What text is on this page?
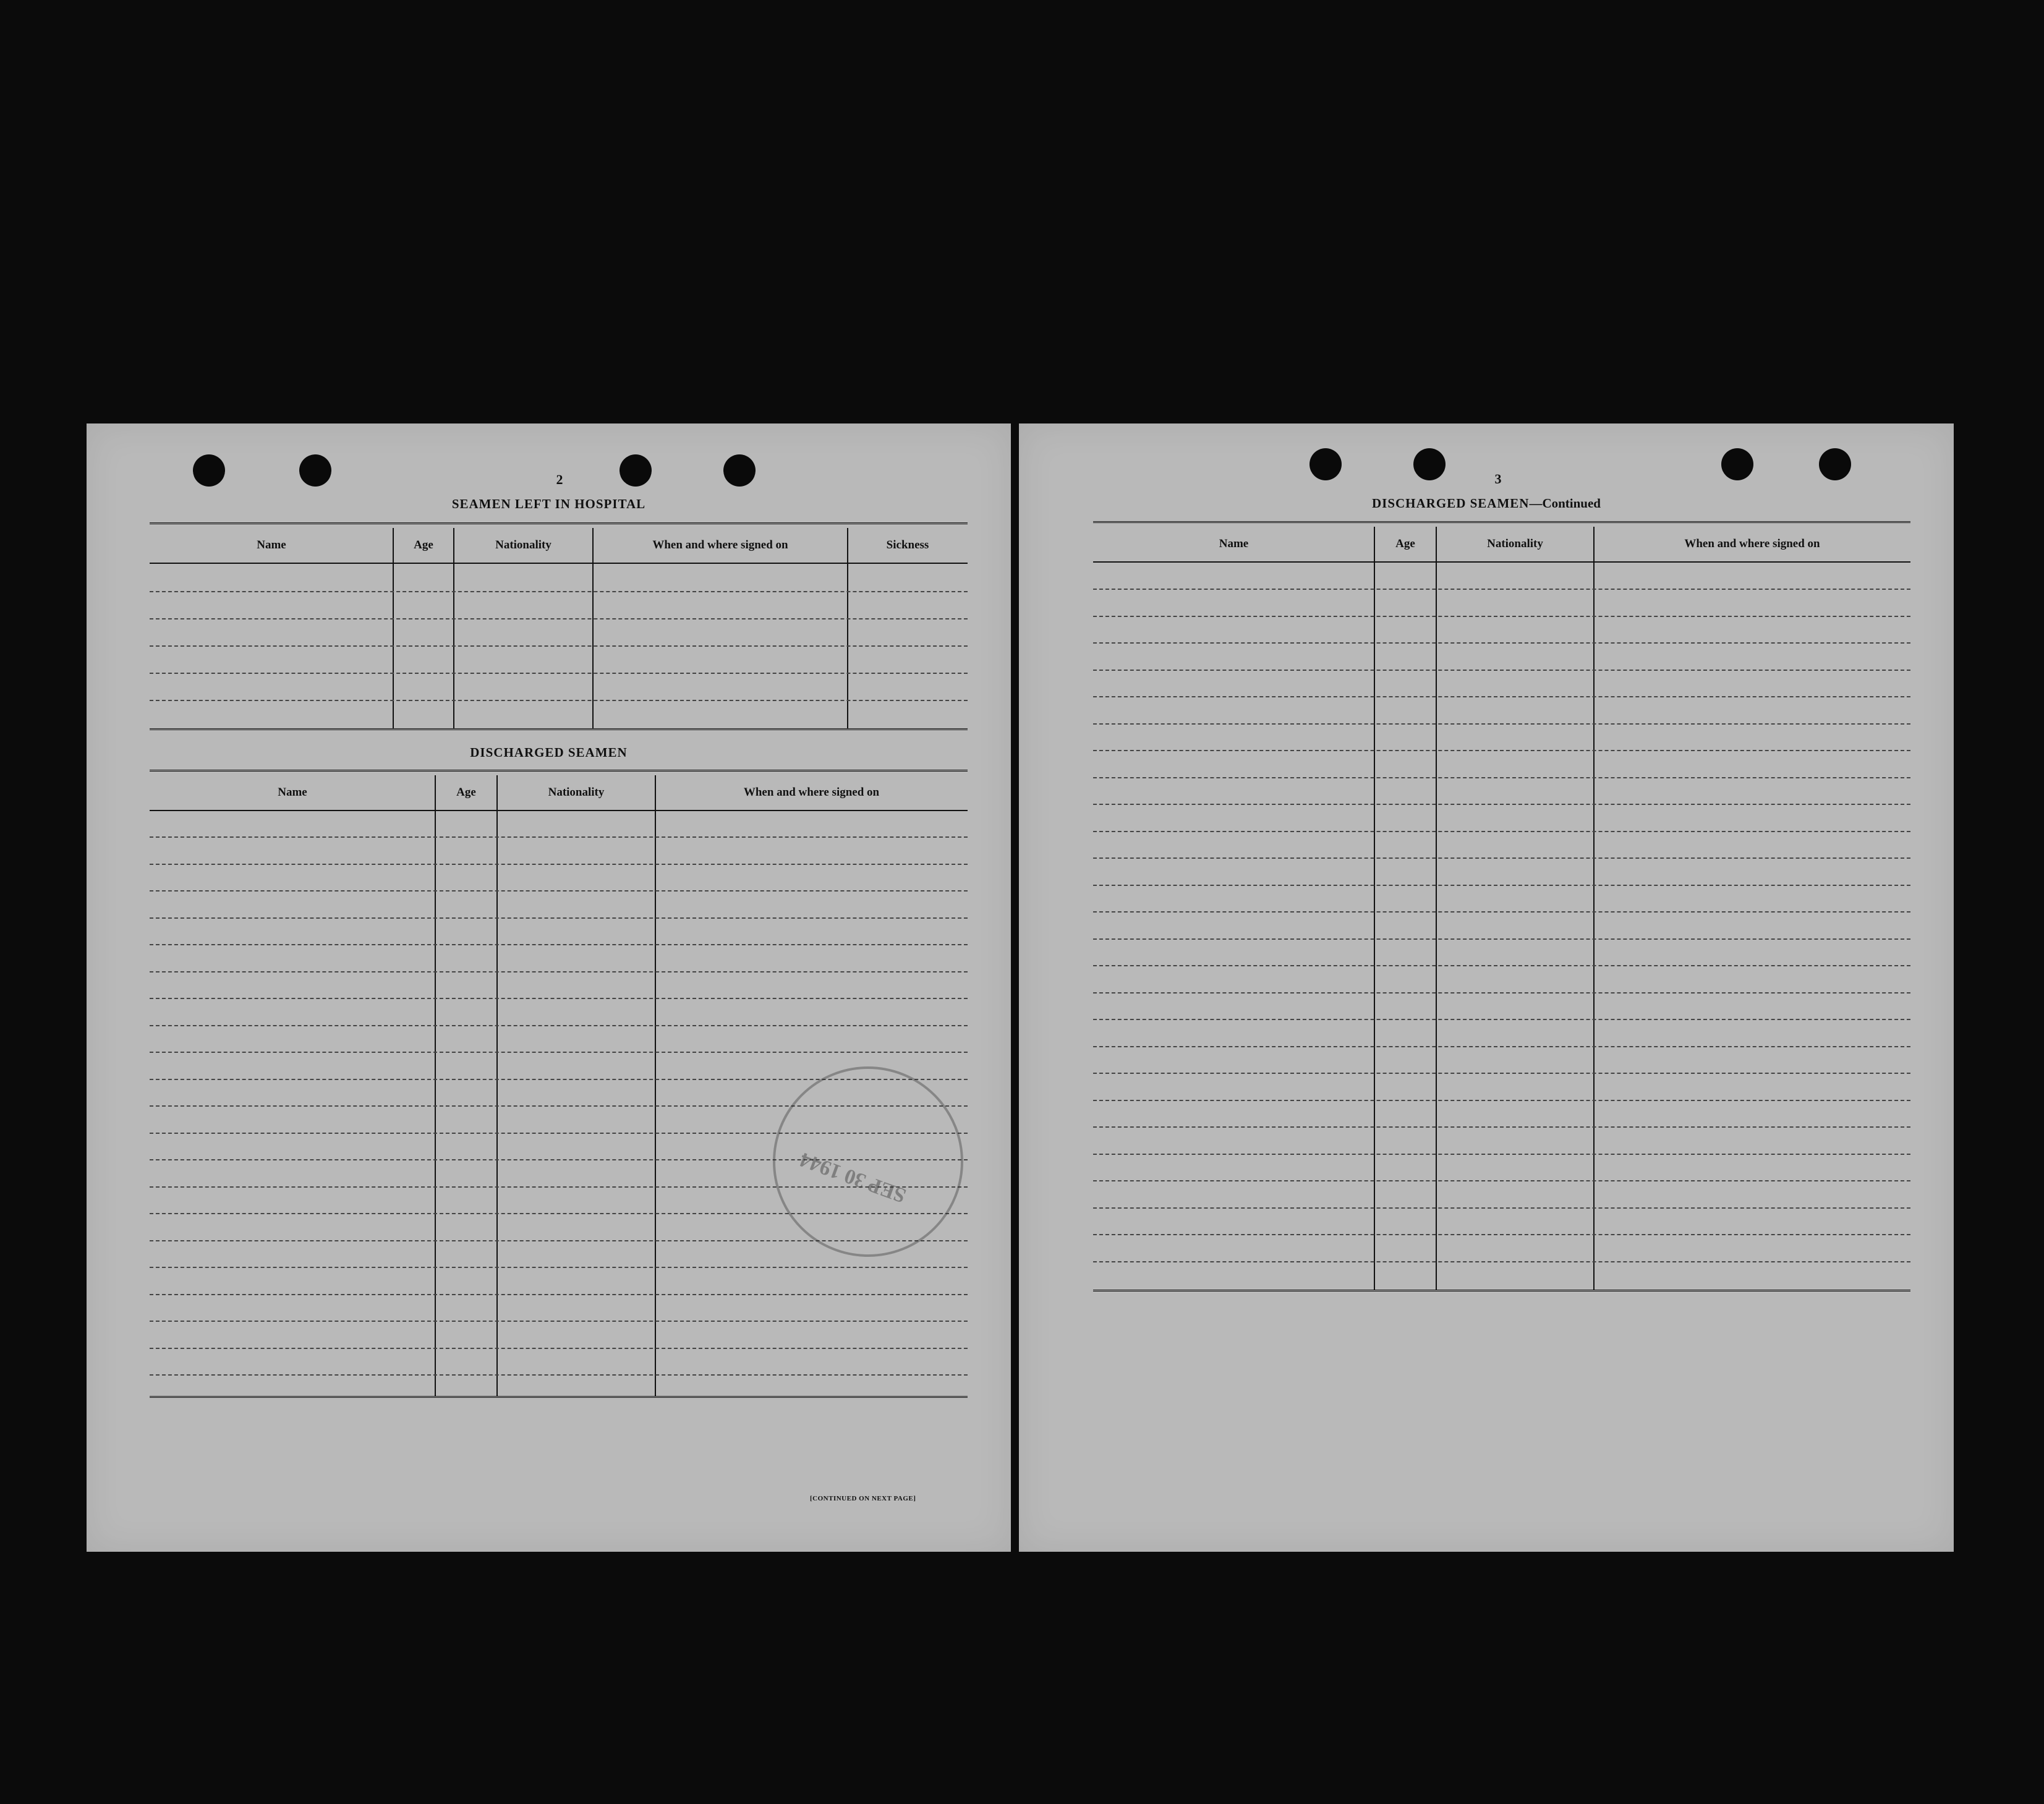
2
SEAMEN LEFT IN HOSPITAL
Name	Age	Nationality	When and where signed on	Sickness
DISCHARGED SEAMEN
Name	Age	Nationality	When and where signed on
SEP 30 1944
[CONTINUED ON NEXT PAGE]
3
DISCHARGED SEAMEN—Continued
Name	Age	Nationality	When and where signed on
